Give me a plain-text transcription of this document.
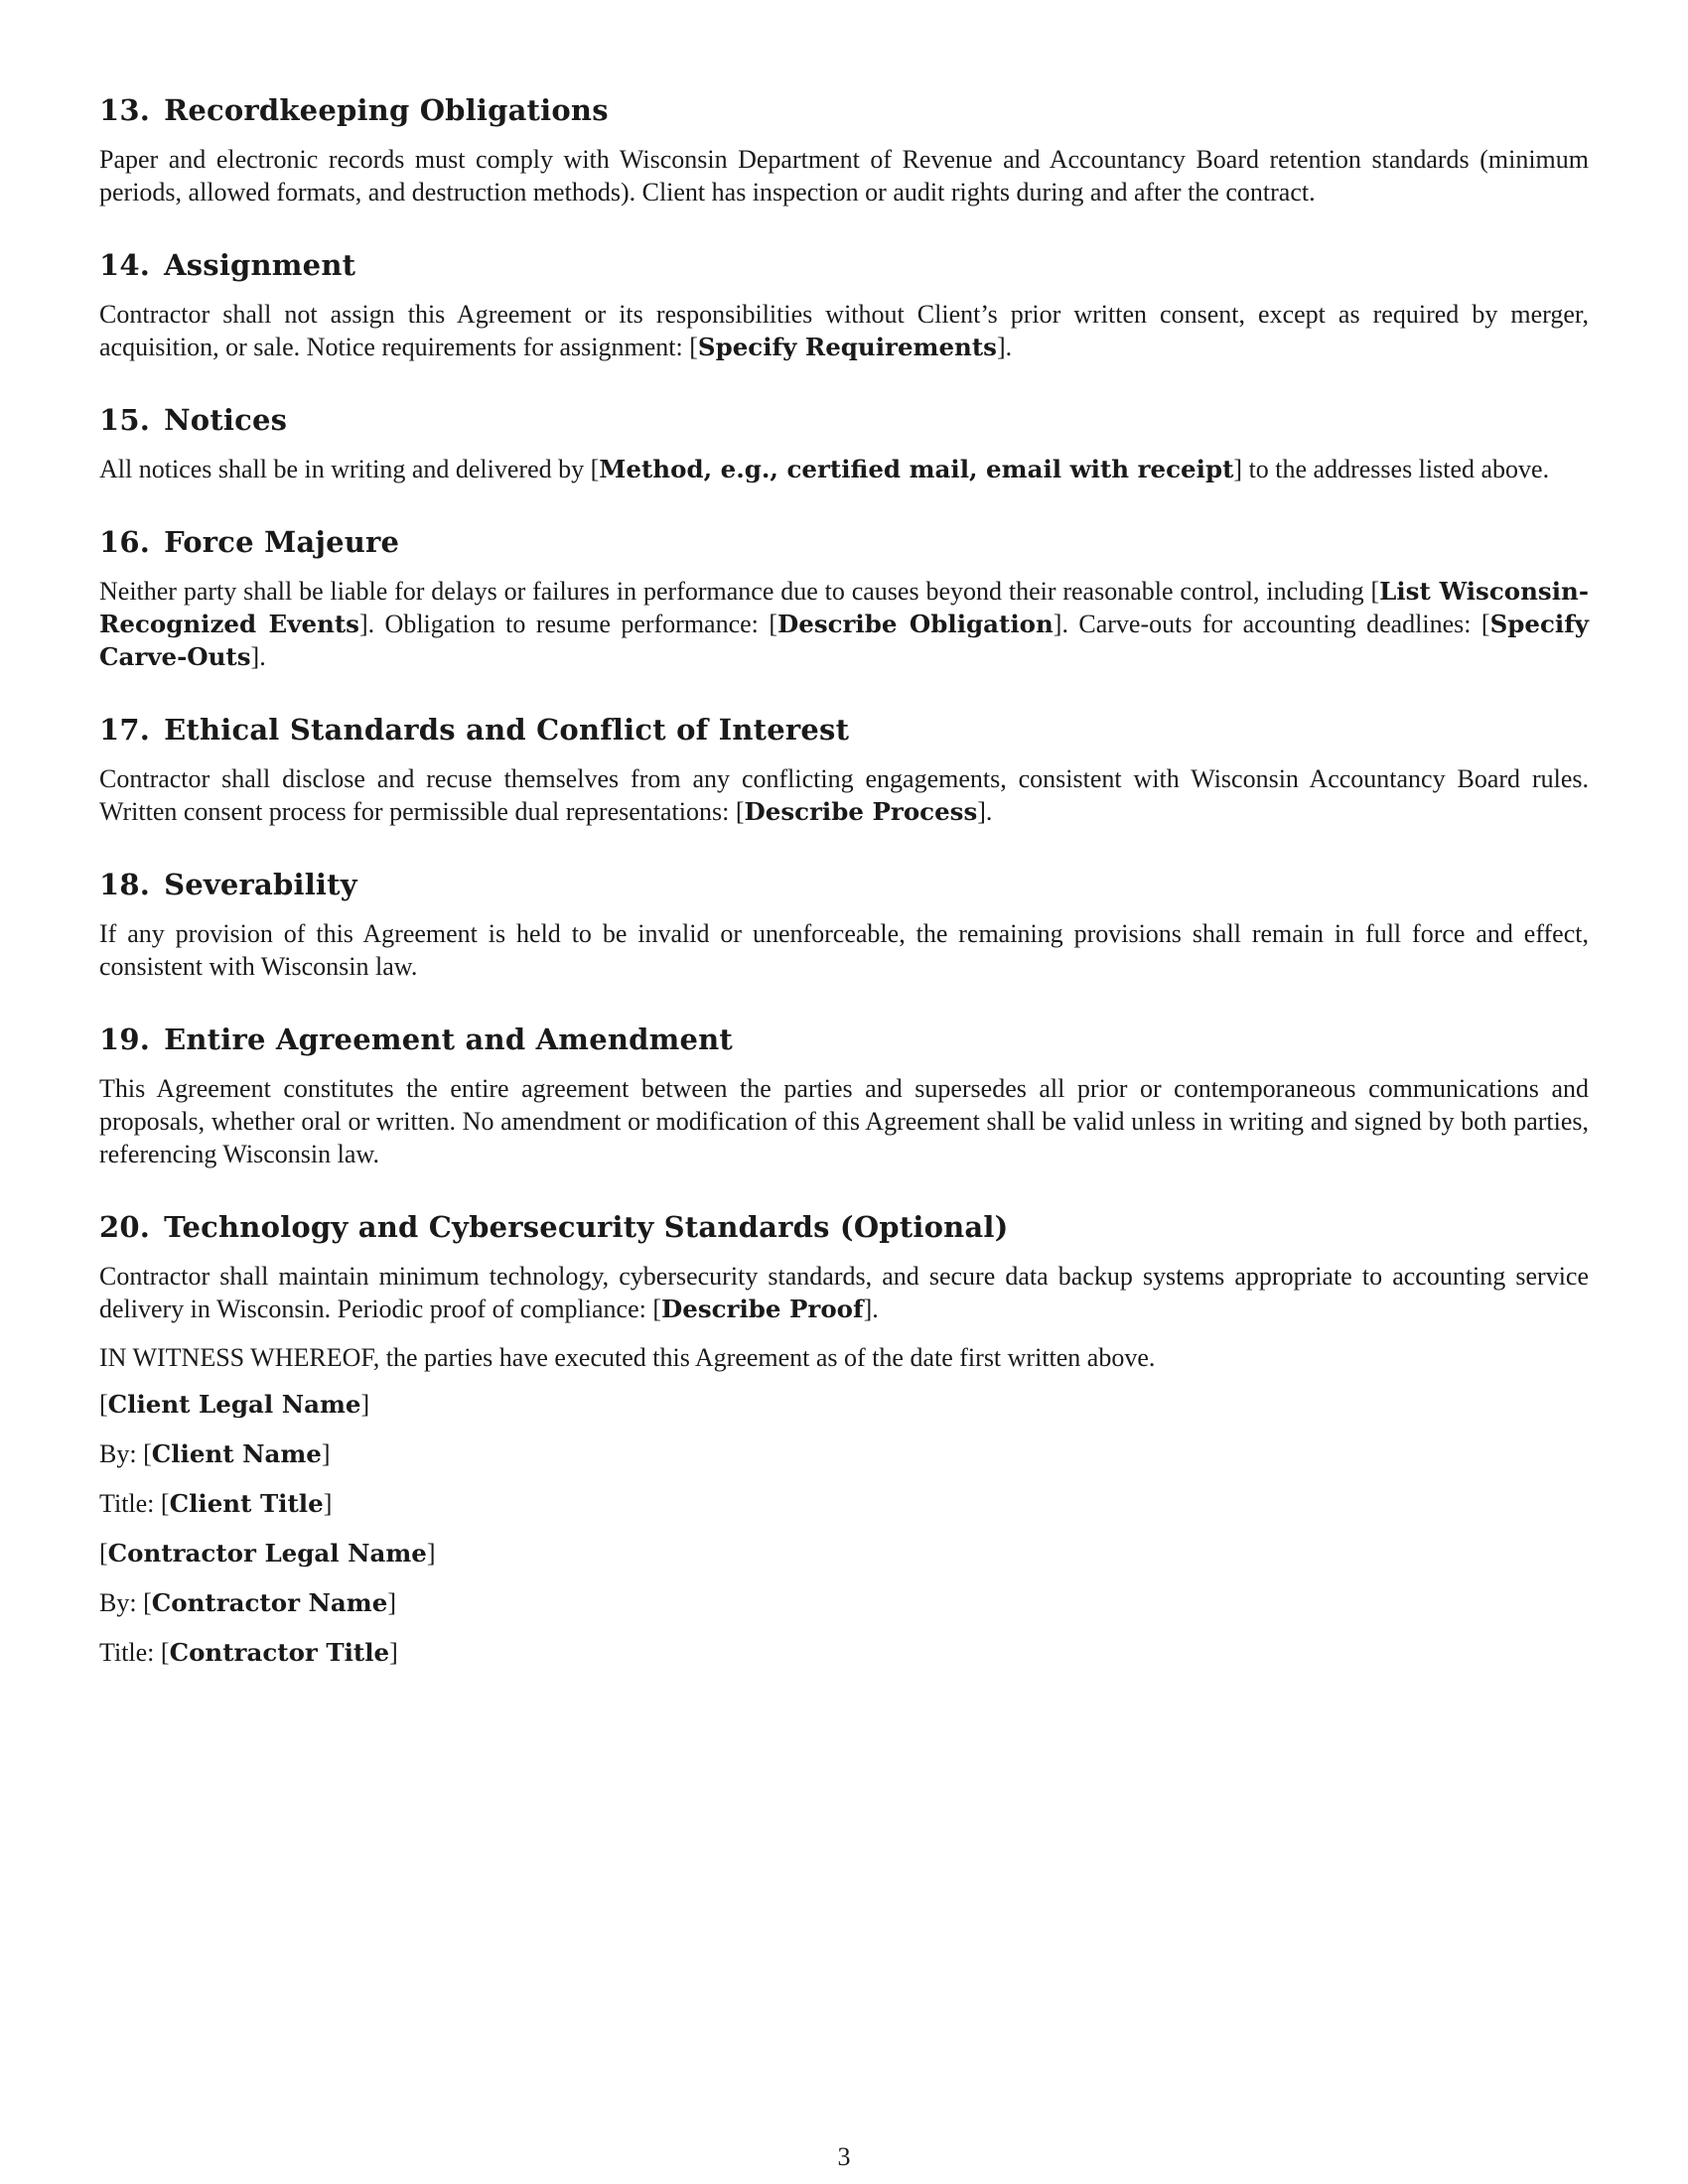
13. Recordkeeping Obligations

Paper and electronic records must comply with Wisconsin Department of Revenue and Accountancy Board retention standards (minimum periods, allowed formats, and destruction methods). Client has inspection or audit rights during and after the contract.

14. Assignment

Contractor shall not assign this Agreement or its responsibilities without Client’s prior written consent, except as required by merger, acquisition, or sale. Notice requirements for assignment: [Specify Requirements].

15. Notices

All notices shall be in writing and delivered by [Method, e.g., certified mail, email with receipt] to the addresses listed above.

16. Force Majeure

Neither party shall be liable for delays or failures in performance due to causes beyond their reasonable control, including [List Wisconsin-Recognized Events]. Obligation to resume performance: [Describe Obligation]. Carve-outs for accounting deadlines: [Specify Carve-Outs].

17. Ethical Standards and Conflict of Interest

Contractor shall disclose and recuse themselves from any conflicting engagements, consistent with Wisconsin Accountancy Board rules. Written consent process for permissible dual representations: [Describe Process].

18. Severability

If any provision of this Agreement is held to be invalid or unenforceable, the remaining provisions shall remain in full force and effect, consistent with Wisconsin law.

19. Entire Agreement and Amendment

This Agreement constitutes the entire agreement between the parties and supersedes all prior or contemporaneous communications and proposals, whether oral or written. No amendment or modification of this Agreement shall be valid unless in writing and signed by both parties, referencing Wisconsin law.

20. Technology and Cybersecurity Standards (Optional)

Contractor shall maintain minimum technology, cybersecurity standards, and secure data backup systems appropriate to accounting service delivery in Wisconsin. Periodic proof of compliance: [Describe Proof].

IN WITNESS WHEREOF, the parties have executed this Agreement as of the date first written above.

[Client Legal Name]

By: [Client Name]

Title: [Client Title]

[Contractor Legal Name]

By: [Contractor Name]

Title: [Contractor Title]

3
